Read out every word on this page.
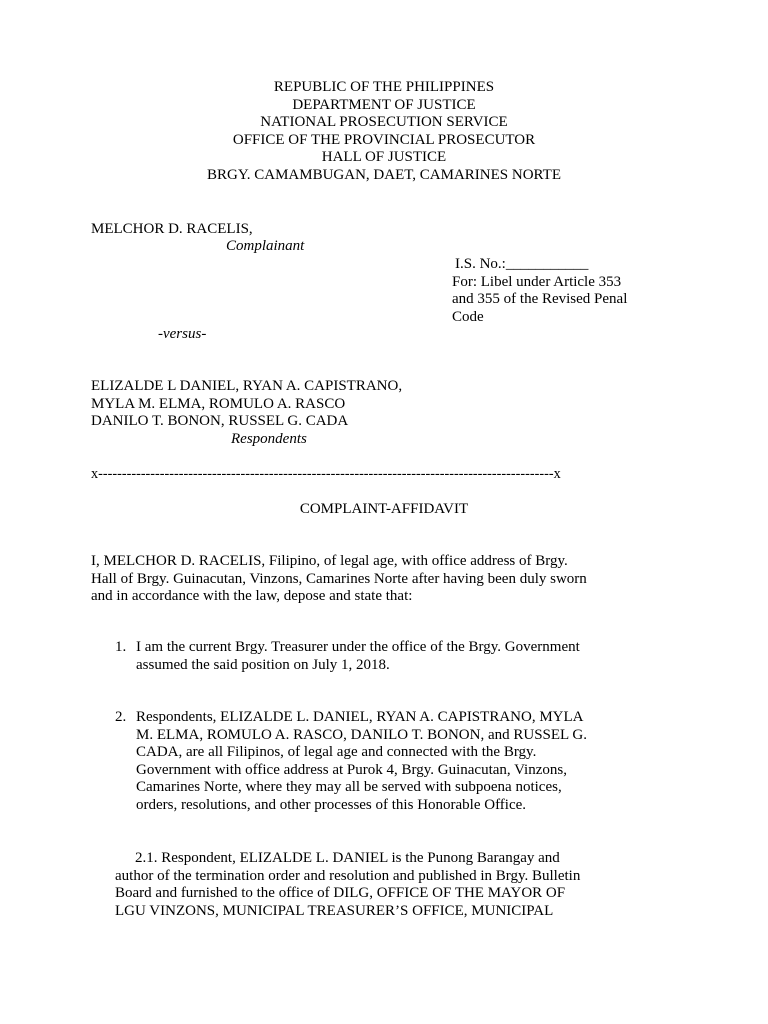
REPUBLIC OF THE PHILIPPINES
DEPARTMENT OF JUSTICE
NATIONAL PROSECUTION SERVICE
OFFICE OF THE PROVINCIAL PROSECUTOR
HALL OF JUSTICE
BRGY. CAMAMBUGAN, DAET, CAMARINES NORTE
MELCHOR D. RACELIS,
Complainant
I.S. No.:___________
For: Libel under Article 353
and 355 of the Revised Penal
Code
-versus-
ELIZALDE L DANIEL, RYAN A. CAPISTRANO,
MYLA M. ELMA, ROMULO A. RASCO
DANILO T. BONON, RUSSEL G. CADA
Respondents
x------------------------------------------------------------------------------------------------x
COMPLAINT-AFFIDAVIT
I, MELCHOR D. RACELIS, Filipino, of legal age, with office address of Brgy.
Hall of Brgy. Guinacutan, Vinzons, Camarines Norte after having been duly sworn
and in accordance with the law, depose and state that:
1. I am the current Brgy. Treasurer under the office of the Brgy. Government
assumed the said position on July 1, 2018.
2. Respondents, ELIZALDE L. DANIEL, RYAN A. CAPISTRANO, MYLA
M. ELMA, ROMULO A. RASCO, DANILO T. BONON, and RUSSEL G.
CADA, are all Filipinos, of legal age and connected with the Brgy.
Government with office address at Purok 4, Brgy. Guinacutan, Vinzons,
Camarines Norte, where they may all be served with subpoena notices,
orders, resolutions, and other processes of this Honorable Office.
2.1. Respondent, ELIZALDE L. DANIEL is the Punong Barangay and
author of the termination order and resolution and published in Brgy. Bulletin
Board and furnished to the office of DILG, OFFICE OF THE MAYOR OF
LGU VINZONS, MUNICIPAL TREASURER’S OFFICE, MUNICIPAL
